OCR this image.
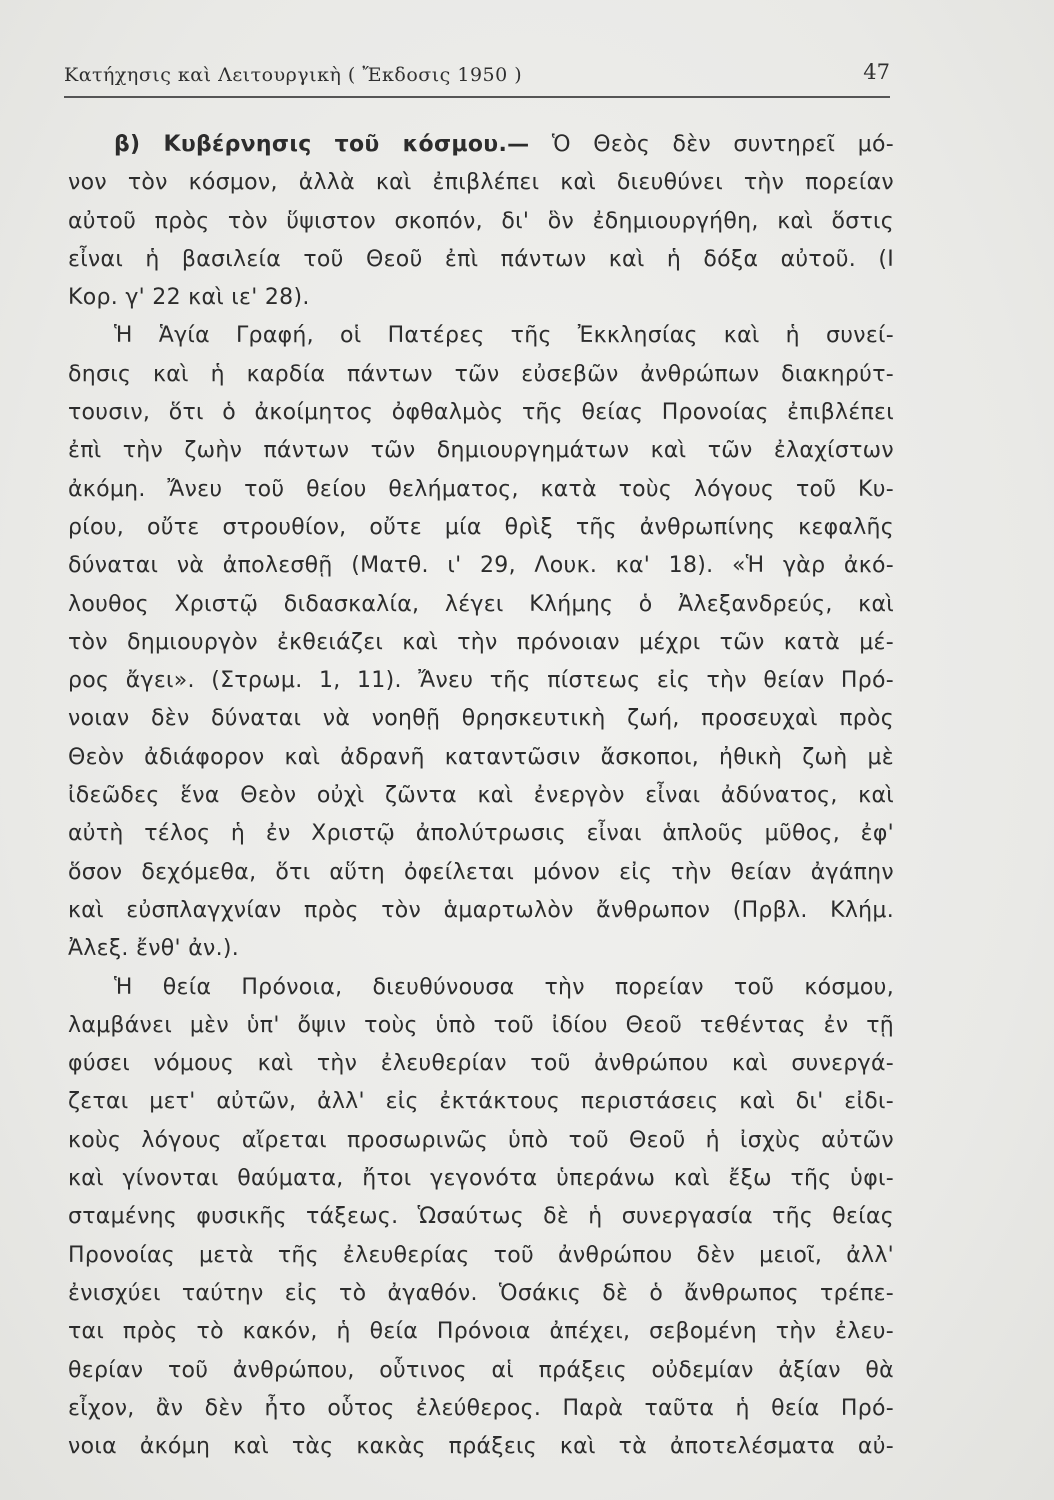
Κατήχησις καὶ Λειτουργικὴ ( Ἔκδοσις 1950 )	47
β) Κυβέρνησις τοῦ κόσμου.— Ὁ Θεὸς δὲν συντηρεῖ μό-
νον τὸν κόσμον, ἀλλὰ καὶ ἐπιβλέπει καὶ διευθύνει τὴν πορείαν
αὐτοῦ πρὸς τὸν ὕψιστον σκοπόν, δι' ὃν ἐδημιουργήθη, καὶ ὅστις
εἶναι ἡ βασιλεία τοῦ Θεοῦ ἐπὶ πάντων καὶ ἡ δόξα αὐτοῦ. (Ι
Κορ. γ' 22 καὶ ιε' 28).
Ἡ Ἁγία Γραφή, οἱ Πατέρες τῆς Ἐκκλησίας καὶ ἡ συνεί-
δησις καὶ ἡ καρδία πάντων τῶν εὐσεβῶν ἀνθρώπων διακηρύτ-
τουσιν, ὅτι ὁ ἀκοίμητος ὀφθαλμὸς τῆς θείας Προνοίας ἐπιβλέπει
ἐπὶ τὴν ζωὴν πάντων τῶν δημιουργημάτων καὶ τῶν ἐλαχίστων
ἀκόμη. Ἄνευ τοῦ θείου θελήματος, κατὰ τοὺς λόγους τοῦ Κυ-
ρίου, οὔτε στρουθίον, οὔτε μία θρὶξ τῆς ἀνθρωπίνης κεφαλῆς
δύναται νὰ ἀπολεσθῇ (Ματθ. ι' 29, Λουκ. κα' 18). «Ἡ γὰρ ἀκό-
λουθος Χριστῷ διδασκαλία, λέγει Κλήμης ὁ Ἀλεξανδρεύς, καὶ
τὸν δημιουργὸν ἐκθειάζει καὶ τὴν πρόνοιαν μέχρι τῶν κατὰ μέ-
ρος ἄγει». (Στρωμ. 1, 11). Ἄνευ τῆς πίστεως εἰς τὴν θείαν Πρό-
νοιαν δὲν δύναται νὰ νοηθῇ θρησκευτικὴ ζωή, προσευχαὶ πρὸς
Θεὸν ἀδιάφορον καὶ ἀδρανῆ καταντῶσιν ἄσκοποι, ἠθικὴ ζωὴ μὲ
ἰδεῶδες ἕνα Θεὸν οὐχὶ ζῶντα καὶ ἐνεργὸν εἶναι ἀδύνατος, καὶ
αὐτὴ τέλος ἡ ἐν Χριστῷ ἀπολύτρωσις εἶναι ἁπλοῦς μῦθος, ἐφ'
ὅσον δεχόμεθα, ὅτι αὕτη ὀφείλεται μόνον εἰς τὴν θείαν ἀγάπην
καὶ εὐσπλαγχνίαν πρὸς τὸν ἁμαρτωλὸν ἄνθρωπον (Πρβλ. Κλήμ.
Ἀλεξ. ἔνθ' ἀν.).
Ἡ θεία Πρόνοια, διευθύνουσα τὴν πορείαν τοῦ κόσμου,
λαμβάνει μὲν ὑπ' ὄψιν τοὺς ὑπὸ τοῦ ἰδίου Θεοῦ τεθέντας ἐν τῇ
φύσει νόμους καὶ τὴν ἐλευθερίαν τοῦ ἀνθρώπου καὶ συνεργά-
ζεται μετ' αὐτῶν, ἀλλ' εἰς ἐκτάκτους περιστάσεις καὶ δι' εἰδι-
κοὺς λόγους αἴρεται προσωρινῶς ὑπὸ τοῦ Θεοῦ ἡ ἰσχὺς αὐτῶν
καὶ γίνονται θαύματα, ἤτοι γεγονότα ὑπεράνω καὶ ἔξω τῆς ὑφι-
σταμένης φυσικῆς τάξεως. Ὡσαύτως δὲ ἡ συνεργασία τῆς θείας
Προνοίας μετὰ τῆς ἐλευθερίας τοῦ ἀνθρώπου δὲν μειοῖ, ἀλλ'
ἐνισχύει ταύτην εἰς τὸ ἀγαθόν. Ὁσάκις δὲ ὁ ἄνθρωπος τρέπε-
ται πρὸς τὸ κακόν, ἡ θεία Πρόνοια ἀπέχει, σεβομένη τὴν ἐλευ-
θερίαν τοῦ ἀνθρώπου, οὗτινος αἱ πράξεις οὐδεμίαν ἀξίαν θὰ
εἶχον, ἂν δὲν ἦτο οὗτος ἐλεύθερος. Παρὰ ταῦτα ἡ θεία Πρό-
νοια ἀκόμη καὶ τὰς κακὰς πράξεις καὶ τὰ ἀποτελέσματα αὐ-
